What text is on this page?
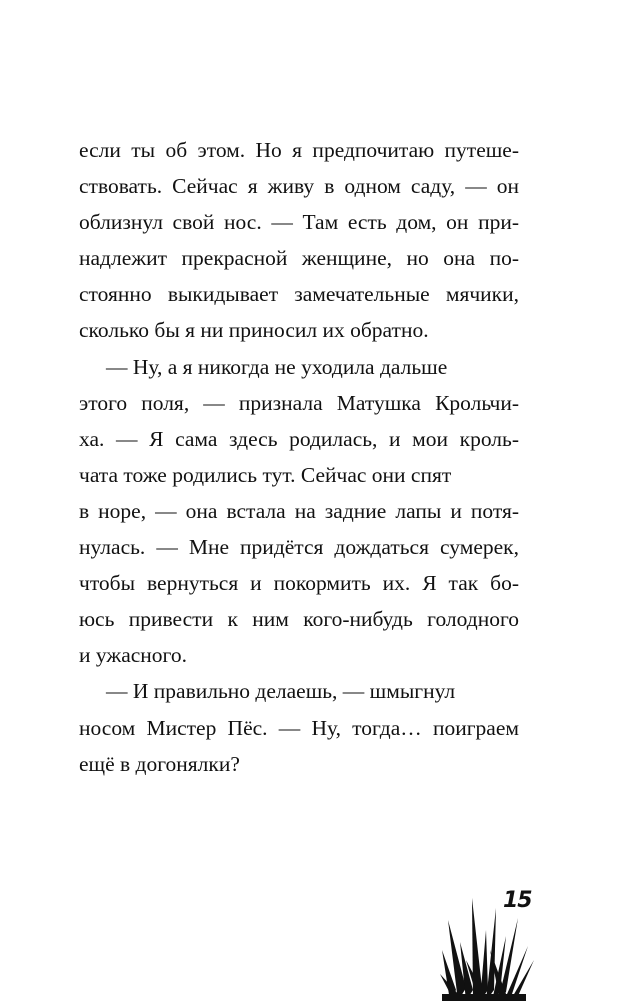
если ты об этом. Но я предпочитаю путеше-
ствовать. Сейчас я живу в одном саду, — он
облизнул свой нос. — Там есть дом, он при-
надлежит прекрасной женщине, но она по-
стоянно выкидывает замечательные мячики,
сколько бы я ни приносил их обратно.
— Ну, а я никогда не уходила дальше
этого поля, — признала Матушка Крольчи-
ха. — Я сама здесь родилась, и мои кроль-
чата тоже родились тут. Сейчас они спят
в норе, — она встала на задние лапы и потя-
нулась. — Мне придётся дождаться сумерек,
чтобы вернуться и покормить их. Я так бо-
юсь привести к ним кого-нибудь голодного
и ужасного.
— И правильно делаешь, — шмыгнул
носом Мистер Пёс. — Ну, тогда… поиграем
ещё в догонялки?
15
